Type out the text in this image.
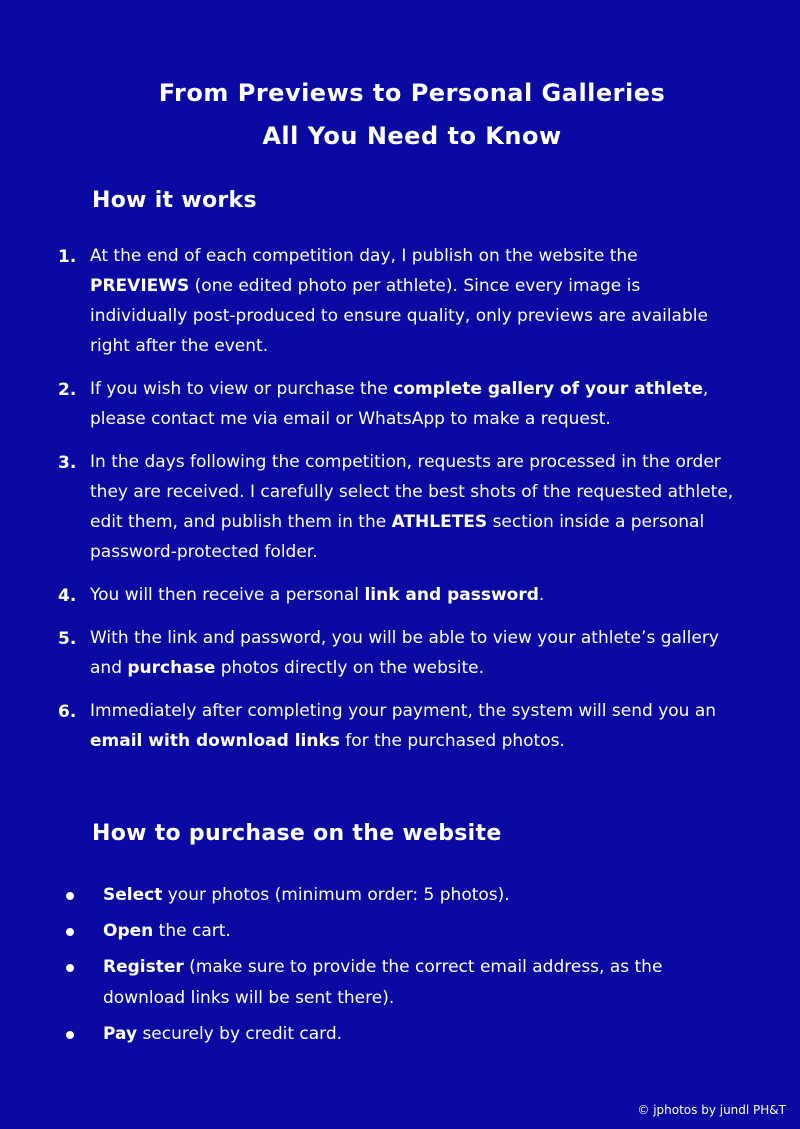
From Previews to Personal Galleries
All You Need to Know
How it works
1. At the end of each competition day, I publish on the website the PREVIEWS (one edited photo per athlete). Since every image is individually post-produced to ensure quality, only previews are available right after the event.
2. If you wish to view or purchase the complete gallery of your athlete, please contact me via email or WhatsApp to make a request.
3. In the days following the competition, requests are processed in the order they are received. I carefully select the best shots of the requested athlete, edit them, and publish them in the ATHLETES section inside a personal password-protected folder.
4. You will then receive a personal link and password.
5. With the link and password, you will be able to view your athlete’s gallery and purchase photos directly on the website.
6. Immediately after completing your payment, the system will send you an email with download links for the purchased photos.
How to purchase on the website
Select your photos (minimum order: 5 photos).
Open the cart.
Register (make sure to provide the correct email address, as the download links will be sent there).
Pay securely by credit card.
© jphotos by jundl PH&T
